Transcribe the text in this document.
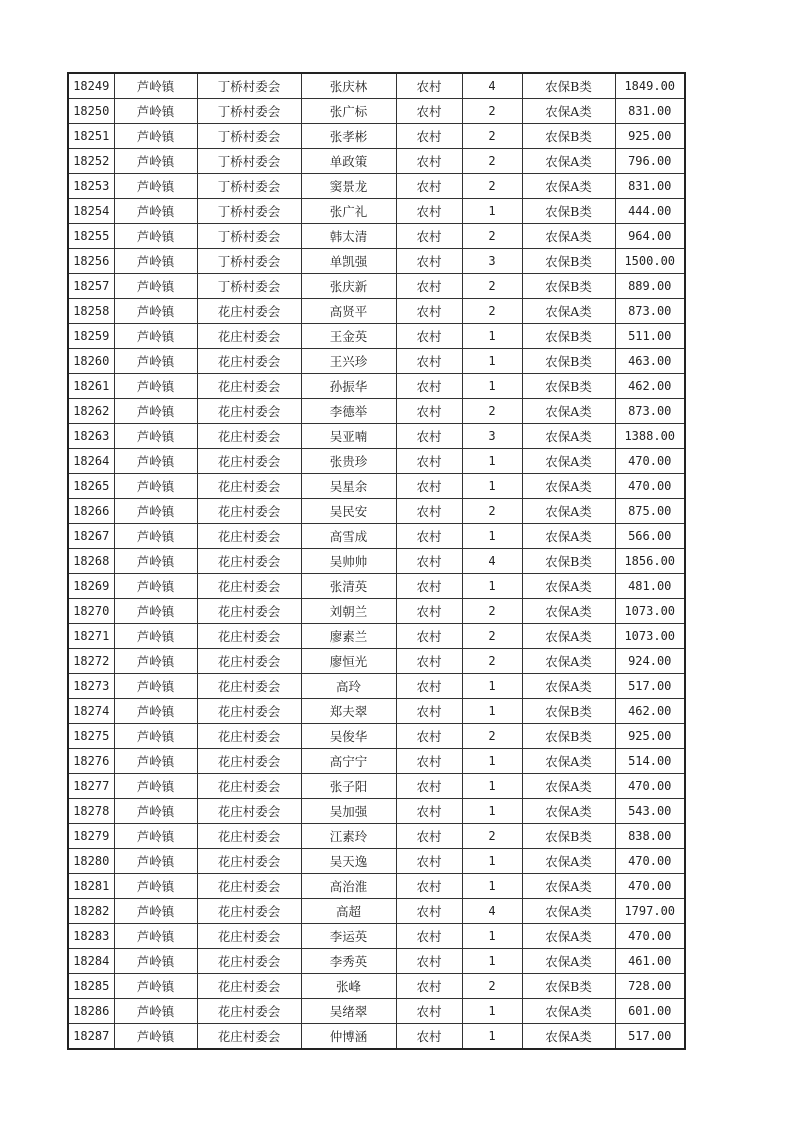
18249	芦岭镇	丁桥村委会	张庆林	农村	4	农保B类	1849.00
18250	芦岭镇	丁桥村委会	张广标	农村	2	农保A类	831.00
18251	芦岭镇	丁桥村委会	张孝彬	农村	2	农保B类	925.00
18252	芦岭镇	丁桥村委会	单政策	农村	2	农保A类	796.00
18253	芦岭镇	丁桥村委会	窦景龙	农村	2	农保A类	831.00
18254	芦岭镇	丁桥村委会	张广礼	农村	1	农保B类	444.00
18255	芦岭镇	丁桥村委会	韩太清	农村	2	农保A类	964.00
18256	芦岭镇	丁桥村委会	单凯强	农村	3	农保B类	1500.00
18257	芦岭镇	丁桥村委会	张庆新	农村	2	农保B类	889.00
18258	芦岭镇	花庄村委会	高贤平	农村	2	农保A类	873.00
18259	芦岭镇	花庄村委会	王金英	农村	1	农保B类	511.00
18260	芦岭镇	花庄村委会	王兴珍	农村	1	农保B类	463.00
18261	芦岭镇	花庄村委会	孙振华	农村	1	农保B类	462.00
18262	芦岭镇	花庄村委会	李德举	农村	2	农保A类	873.00
18263	芦岭镇	花庄村委会	吴亚喃	农村	3	农保A类	1388.00
18264	芦岭镇	花庄村委会	张贵珍	农村	1	农保A类	470.00
18265	芦岭镇	花庄村委会	吴星余	农村	1	农保A类	470.00
18266	芦岭镇	花庄村委会	吴民安	农村	2	农保A类	875.00
18267	芦岭镇	花庄村委会	高雪成	农村	1	农保A类	566.00
18268	芦岭镇	花庄村委会	吴帅帅	农村	4	农保B类	1856.00
18269	芦岭镇	花庄村委会	张清英	农村	1	农保A类	481.00
18270	芦岭镇	花庄村委会	刘朝兰	农村	2	农保A类	1073.00
18271	芦岭镇	花庄村委会	廖素兰	农村	2	农保A类	1073.00
18272	芦岭镇	花庄村委会	廖恒光	农村	2	农保A类	924.00
18273	芦岭镇	花庄村委会	高玲	农村	1	农保A类	517.00
18274	芦岭镇	花庄村委会	郑夫翠	农村	1	农保B类	462.00
18275	芦岭镇	花庄村委会	吴俊华	农村	2	农保B类	925.00
18276	芦岭镇	花庄村委会	高宁宁	农村	1	农保A类	514.00
18277	芦岭镇	花庄村委会	张子阳	农村	1	农保A类	470.00
18278	芦岭镇	花庄村委会	吴加强	农村	1	农保A类	543.00
18279	芦岭镇	花庄村委会	江素玲	农村	2	农保B类	838.00
18280	芦岭镇	花庄村委会	吴天逸	农村	1	农保A类	470.00
18281	芦岭镇	花庄村委会	高治淮	农村	1	农保A类	470.00
18282	芦岭镇	花庄村委会	高超	农村	4	农保A类	1797.00
18283	芦岭镇	花庄村委会	李运英	农村	1	农保A类	470.00
18284	芦岭镇	花庄村委会	李秀英	农村	1	农保A类	461.00
18285	芦岭镇	花庄村委会	张峰	农村	2	农保B类	728.00
18286	芦岭镇	花庄村委会	吴绪翠	农村	1	农保A类	601.00
18287	芦岭镇	花庄村委会	仲博涵	农村	1	农保A类	517.00
